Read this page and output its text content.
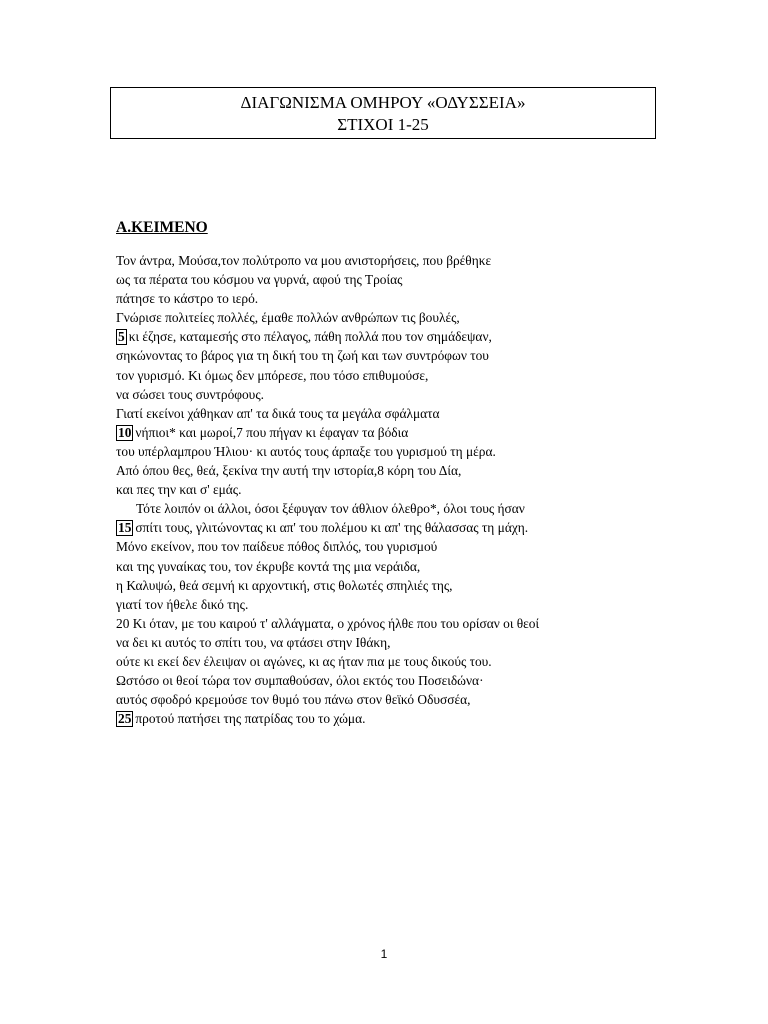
ΔΙΑΓΩΝΙΣΜΑ ΟΜΗΡΟΥ «ΟΔΥΣΣΕΙΑ»
ΣΤΙΧΟΙ 1-25
Α.ΚΕΙΜΕΝΟ
Τον άντρα, Μούσα,τον πολύτροπο να μου ανιστορήσεις, που βρέθηκε
ως τα πέρατα του κόσμου να γυρνά, αφού της Τροίας
πάτησε το κάστρο το ιερό.
Γνώρισε πολιτείες πολλές, έμαθε πολλών ανθρώπων τις βουλές,
5 κι έζησε, καταμεσής στο πέλαγος, πάθη πολλά που τον σημάδεψαν,
σηκώνοντας το βάρος για τη δική του τη ζωή και των συντρόφων του
τον γυρισμό. Κι όμως δεν μπόρεσε, που τόσο επιθυμούσε,
να σώσει τους συντρόφους.
Γιατί εκείνοι χάθηκαν απ' τα δικά τους τα μεγάλα σφάλματα
10 νήπιοι* και μωροί,7 που πήγαν κι έφαγαν τα βόδια
του υπέρλαμπρου Ήλιου· κι αυτός τους άρπαξε του γυρισμού τη μέρα.
Από όπου θες, θεά, ξεκίνα την αυτή την ιστορία,8 κόρη του Δία,
και πες την και σ' εμάς.
Τότε λοιπόν οι άλλοι, όσοι ξέφυγαν τον άθλιον όλεθρο*, όλοι τους ήσαν
15 σπίτι τους, γλιτώνοντας κι απ' του πολέμου κι απ' της θάλασσας τη μάχη.
Μόνο εκείνον, που τον παίδευε πόθος διπλός, του γυρισμού
και της γυναίκας του, τον έκρυβε κοντά της μια νεράιδα,
η Καλυψώ, θεά σεμνή κι αρχοντική, στις θολωτές σπηλιές της,
γιατί τον ήθελε δικό της.
20 Κι όταν, με του καιρού τ' αλλάγματα, ο χρόνος ήλθε που του ορίσαν οι θεοί
να δει κι αυτός το σπίτι του, να φτάσει στην Ιθάκη,
ούτε κι εκεί δεν έλειψαν οι αγώνες, κι ας ήταν πια με τους δικούς του.
Ωστόσο οι θεοί τώρα τον συμπαθούσαν, όλοι εκτός του Ποσειδώνα·
αυτός σφοδρό κρεμούσε τον θυμό του πάνω στον θεϊκό Οδυσσέα,
25 προτού πατήσει της πατρίδας του το χώμα.
1
